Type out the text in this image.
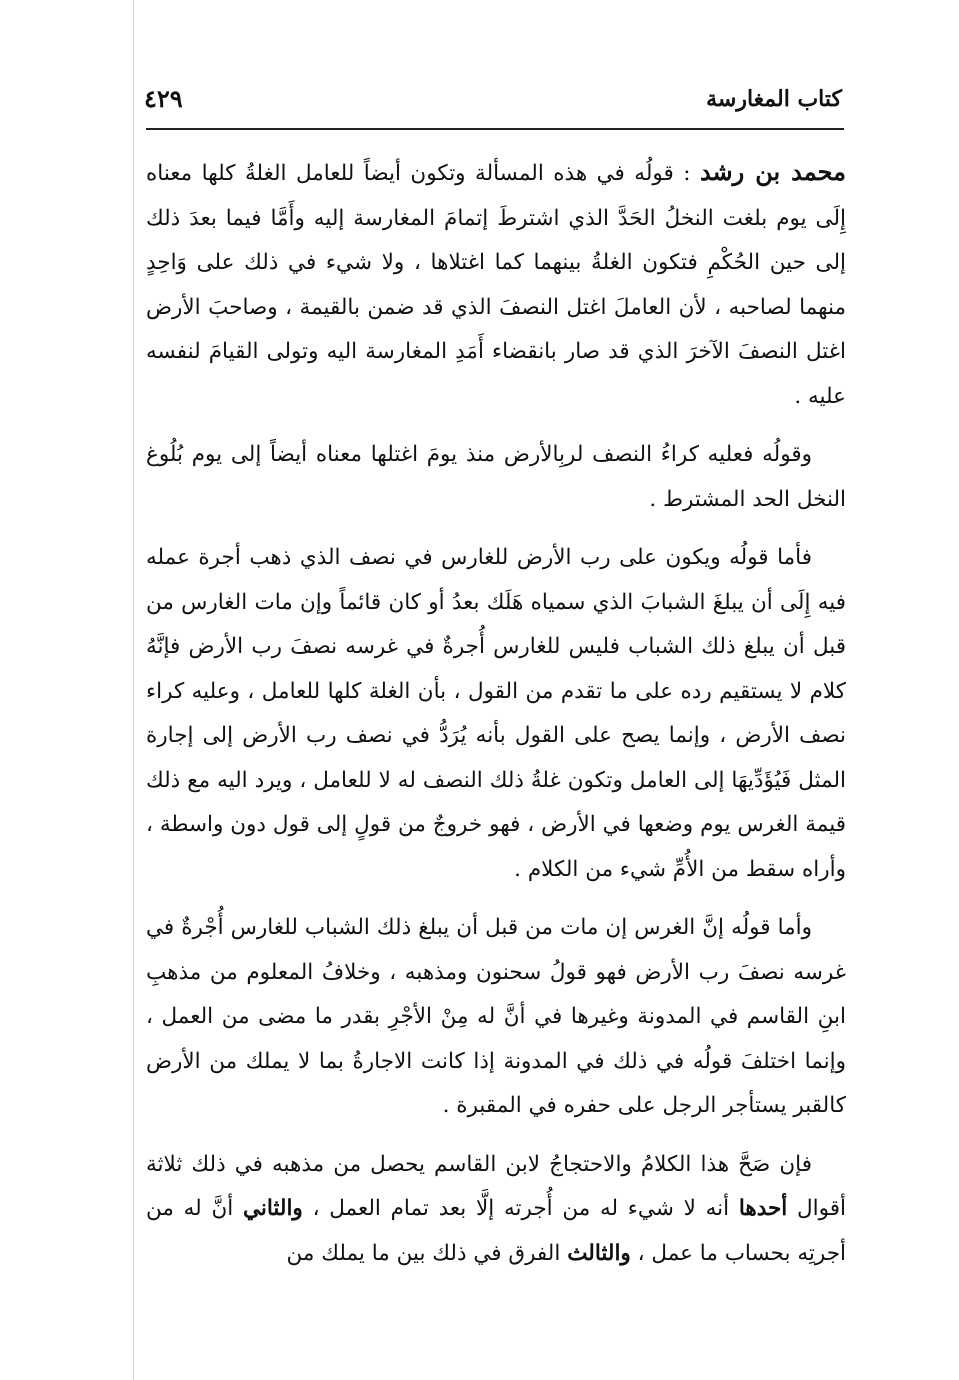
كتاب المغارسة
٤٢٩

محمد بن رشد : قولُه في هذه المسألة وتكون أيضاً للعامل الغلةُ كلها معناه إِلَى يوم بلغت النخلُ الحَدَّ الذي اشترطَ إتمامَ المغارسة إليه وأَمَّا فيما بعدَ ذلك إلى حين الحُكْمِ فتكون الغلةُ بينهما كما اغتلاها ، ولا شيء في ذلك على وَاحِدٍ منهما لصاحبه ، لأن العاملَ اغتل النصفَ الذي قد ضمن بالقيمة ، وصاحبَ الأرض اغتل النصفَ الآخرَ الذي قد صار بانقضاء أَمَدِ المغارسة اليه وتولى القيامَ لنفسه عليه .

وقولُه فعليه كراءُ النصف لربِالأرض منذ يومَ اغتلها معناه أيضاً إلى يوم بُلُوغ النخل الحد المشترط .

فأما قولُه ويكون على رب الأرض للغارس في نصف الذي ذهب أجرة عمله فيه إِلَى أن يبلغَ الشبابَ الذي سمياه هَلَك بعدُ أو كان قائماً وإن مات الغارس من قبل أن يبلغ ذلك الشباب فليس للغارس أُجرةٌ في غرسه نصفَ رب الأرض فإنَّهُ كلام لا يستقيم رده على ما تقدم من القول ، بأن الغلة كلها للعامل ، وعليه كراء نصف الأرض ، وإنما يصح على القول بأنه يُرَدُّ في نصف رب الأرض إلى إجارة المثل فَيُؤَدِّيهَا إلى العامل وتكون غلةُ ذلك النصف له لا للعامل ، ويرد اليه مع ذلك قيمة الغرس يوم وضعها في الأرض ، فهو خروجٌ من قولٍ إلى قول دون واسطة ، وأراه سقط من الأُمِّ شيء من الكلام .

وأما قولُه إنَّ الغرس إن مات من قبل أن يبلغ ذلك الشباب للغارس أُجْرةٌ في غرسه نصفَ رب الأرض فهو قولُ سحنون ومذهبه ، وخلافُ المعلوم من مذهبِ ابنِ القاسم في المدونة وغيرها في أنَّ له مِنْ الأجْرِ بقدر ما مضى من العمل ، وإنما اختلفَ قولُه في ذلك في المدونة إذا كانت الاجارةُ بما لا يملك من الأرض كالقبر يستأجر الرجل على حفره في المقبرة .

فإن صَحَّ هذا الكلامُ والاحتجاجُ لابن القاسم يحصل من مذهبه في ذلك ثلاثة أقوال أحدها أنه لا شيء له من أُجرته إلَّا بعد تمام العمل ، والثاني أنَّ له من أجرتِه بحساب ما عمل ، والثالث الفرق في ذلك بين ما يملك من
